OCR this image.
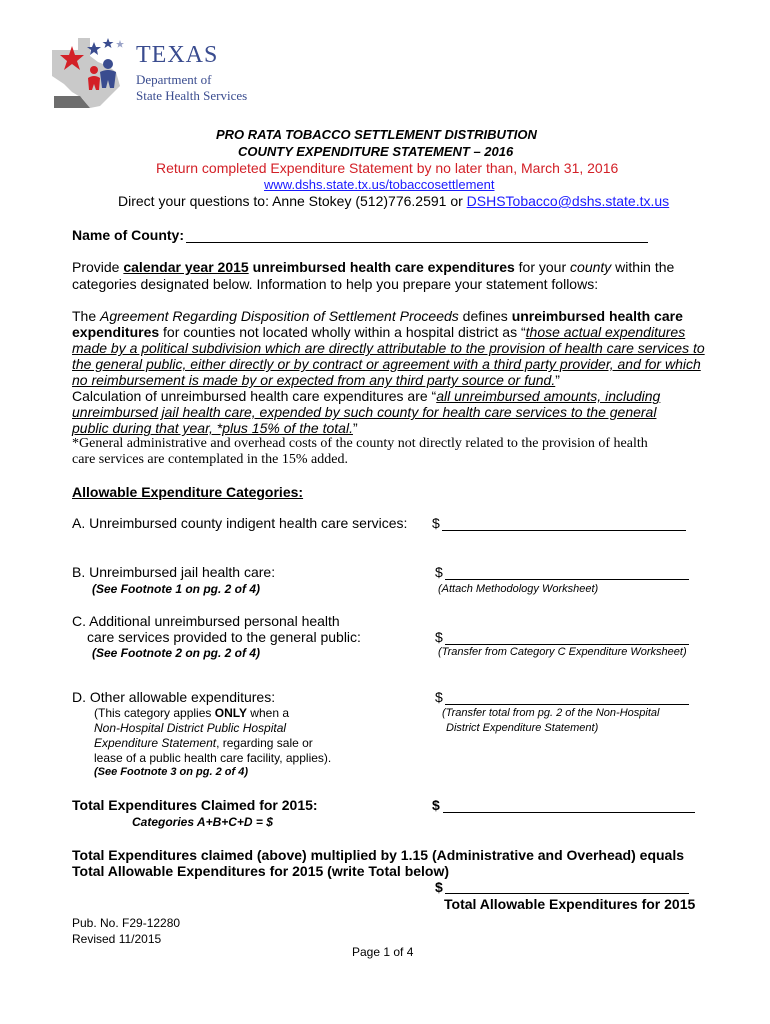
TEXAS
Department of
State Health Services
PRO RATA TOBACCO SETTLEMENT DISTRIBUTION
COUNTY EXPENDITURE STATEMENT – 2016
Return completed Expenditure Statement by no later than, March 31, 2016
www.dshs.state.tx.us/tobaccosettlement
Direct your questions to: Anne Stokey (512)776.2591 or DSHSTobacco@dshs.state.tx.us
Name of County:
Provide calendar year 2015 unreimbursed health care expenditures for your county within the
categories designated below. Information to help you prepare your statement follows:
The Agreement Regarding Disposition of Settlement Proceeds defines unreimbursed health care
expenditures for counties not located wholly within a hospital district as “those actual expenditures
made by a political subdivision which are directly attributable to the provision of health care services to
the general public, either directly or by contract or agreement with a third party provider, and for which
no reimbursement is made by or expected from any third party source or fund.”
Calculation of unreimbursed health care expenditures are “all unreimbursed amounts, including
unreimbursed jail health care, expended by such county for health care services to the general
public during that year, *plus 15% of the total.”
*General administrative and overhead costs of the county not directly related to the provision of health
care services are contemplated in the 15% added.
Allowable Expenditure Categories:
A. Unreimbursed county indigent health care services: $
B. Unreimbursed jail health care:
(See Footnote 1 on pg. 2 of 4)
$
(Attach Methodology Worksheet)
C. Additional unreimbursed personal health
care services provided to the general public:
(See Footnote 2 on pg. 2 of 4)
$
(Transfer from Category C Expenditure Worksheet)
D. Other allowable expenditures:
(This category applies ONLY when a
Non-Hospital District Public Hospital
Expenditure Statement, regarding sale or
lease of a public health care facility, applies).
(See Footnote 3 on pg. 2 of 4)
$
(Transfer total from pg. 2 of the Non-Hospital
District Expenditure Statement)
Total Expenditures Claimed for 2015:	$
Categories A+B+C+D = $
Total Expenditures claimed (above) multiplied by 1.15 (Administrative and Overhead) equals
Total Allowable Expenditures for 2015 (write Total below)
$
Total Allowable Expenditures for 2015
Pub. No. F29-12280
Revised 11/2015
Page 1 of 4
